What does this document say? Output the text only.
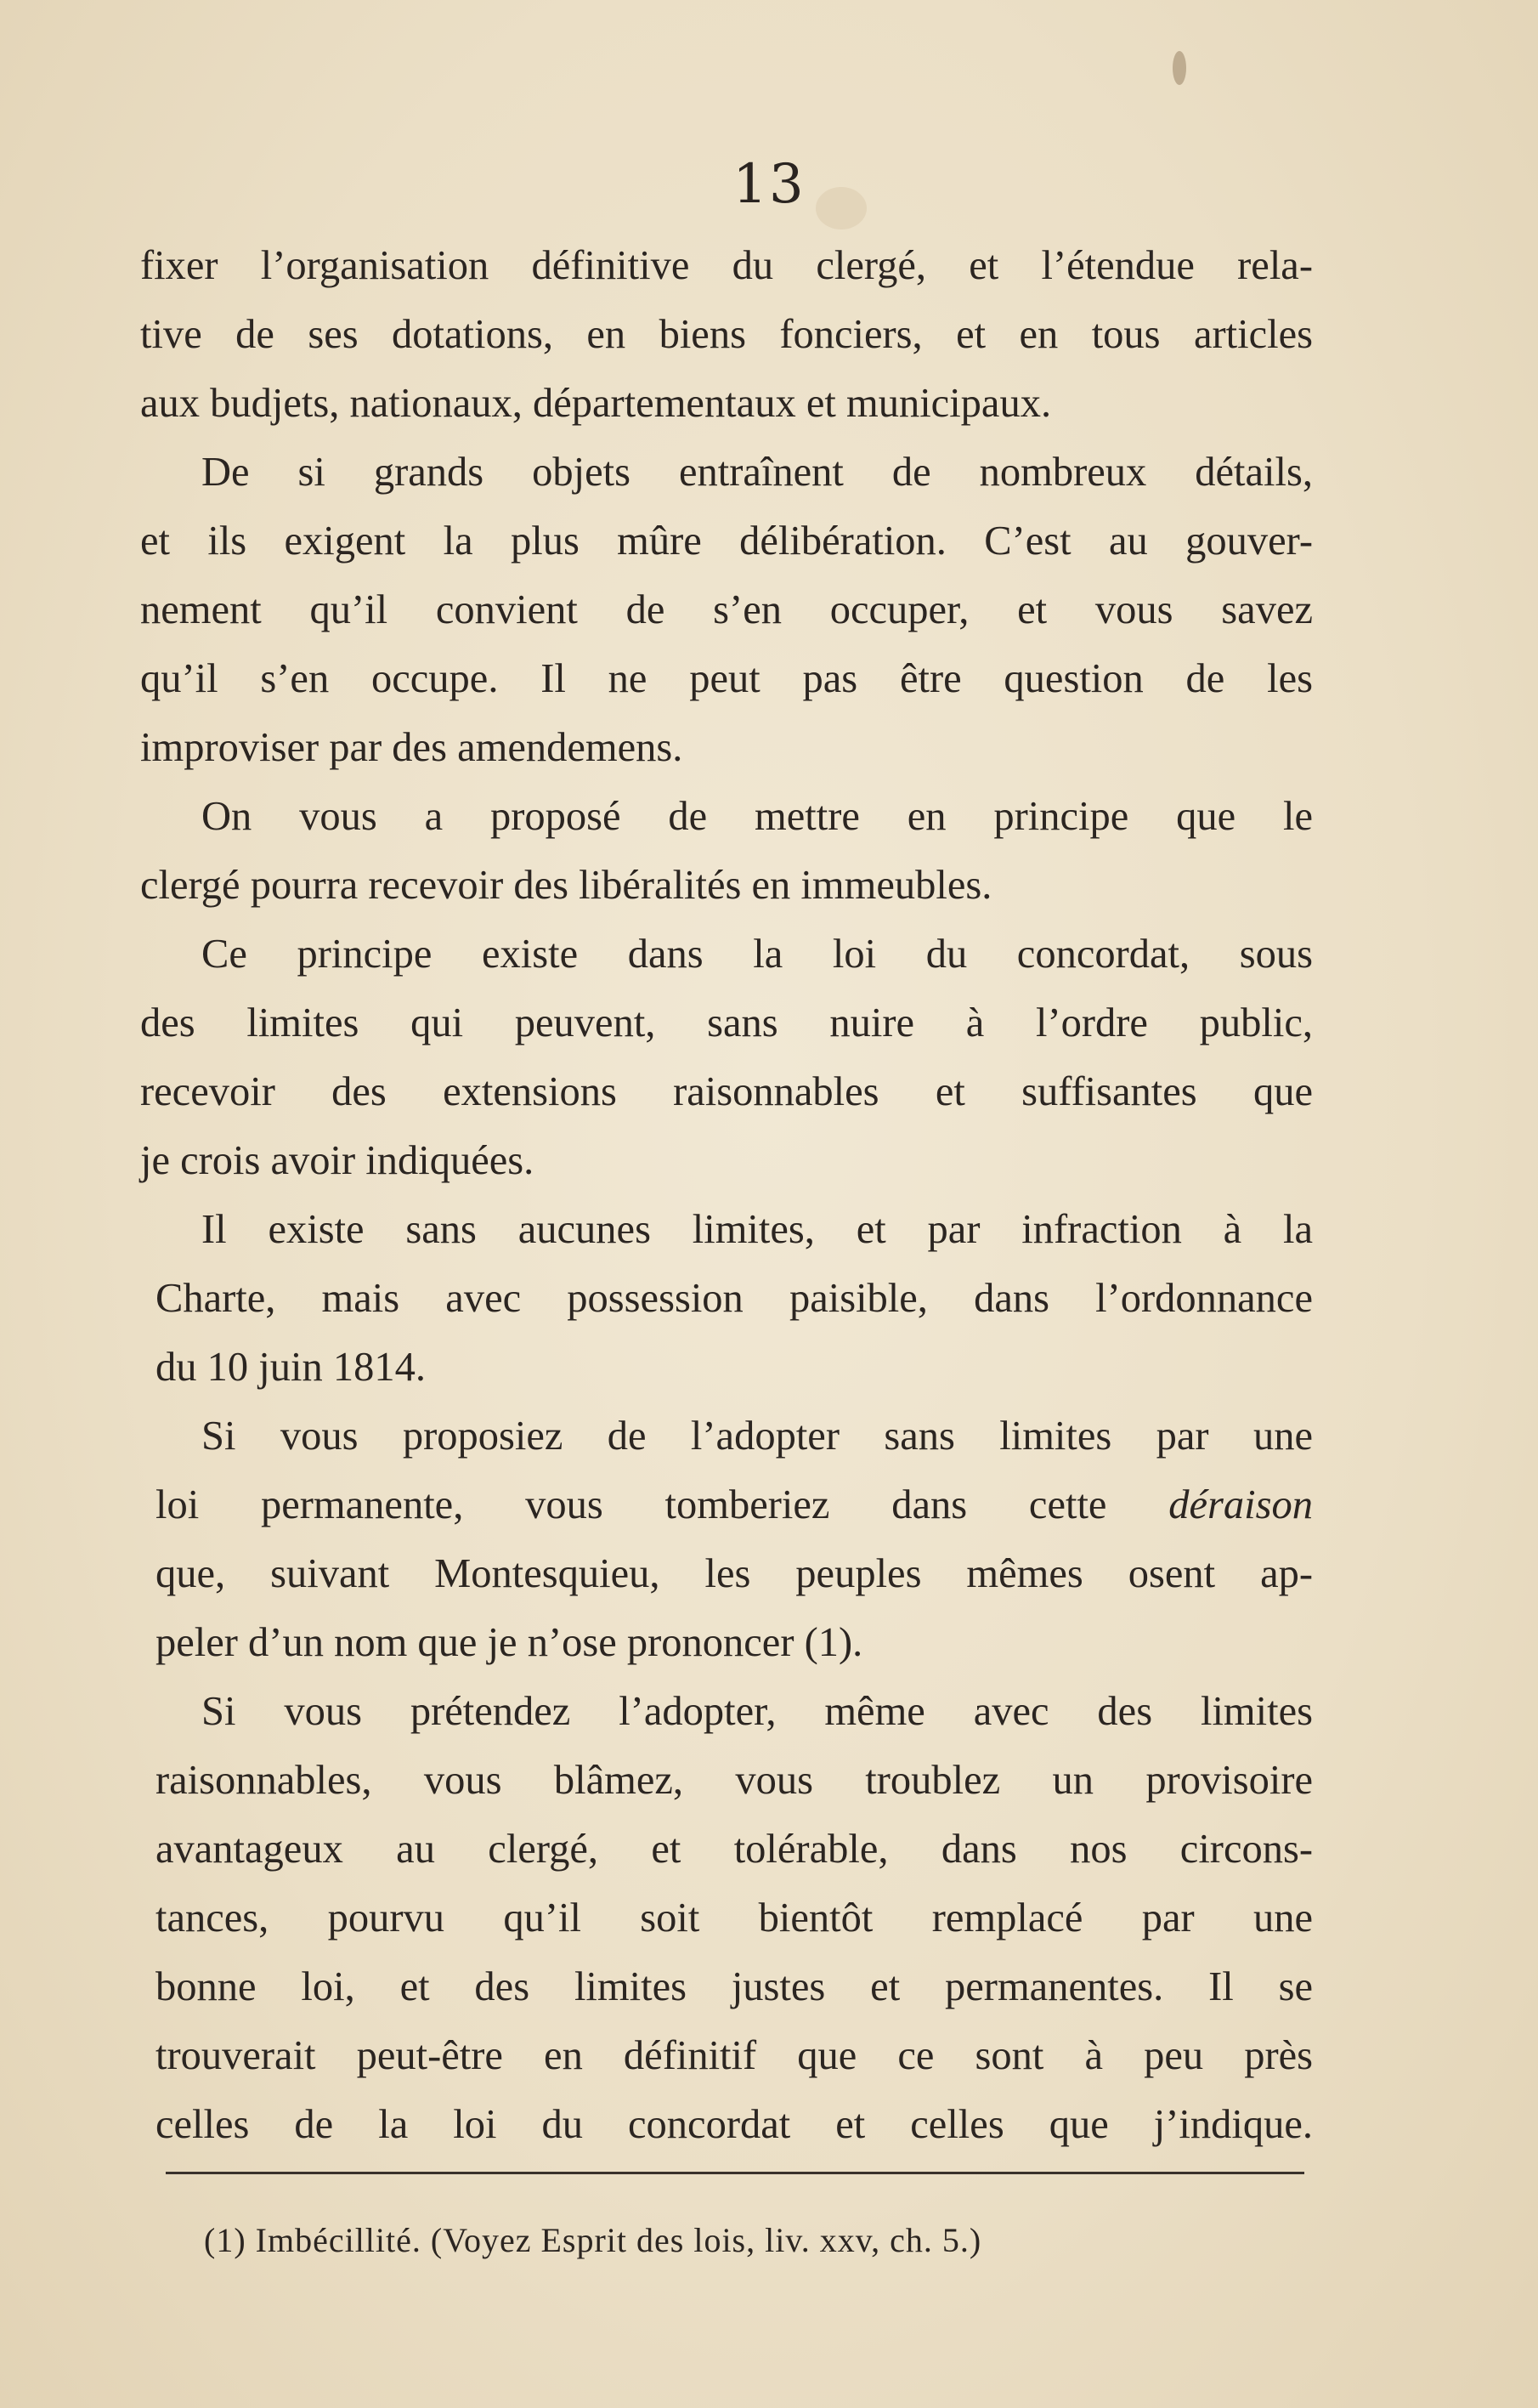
13
fixer l’organisation définitive du clergé, et l’étendue rela-
tive de ses dotations, en biens fonciers, et en tous articles
aux budjets, nationaux, départementaux et municipaux.
De si grands objets entraînent de nombreux détails,
et ils exigent la plus mûre délibération. C’est au gouver-
nement qu’il convient de s’en occuper, et vous savez
qu’il s’en occupe. Il ne peut pas être question de les
improviser par des amendemens.
On vous a proposé de mettre en principe que le
clergé pourra recevoir des libéralités en immeubles.
Ce principe existe dans la loi du concordat, sous
des limites qui peuvent, sans nuire à l’ordre public,
recevoir des extensions raisonnables et suffisantes que
je crois avoir indiquées.
Il existe sans aucunes limites, et par infraction à la
Charte, mais avec possession paisible, dans l’ordonnance
du 10 juin 1814.
Si vous proposiez de l’adopter sans limites par une
loi permanente, vous tomberiez dans cette déraison
que, suivant Montesquieu, les peuples mêmes osent ap-
peler d’un nom que je n’ose prononcer (1).
Si vous prétendez l’adopter, même avec des limites
raisonnables, vous blâmez, vous troublez un provisoire
avantageux au clergé, et tolérable, dans nos circons-
tances, pourvu qu’il soit bientôt remplacé par une
bonne loi, et des limites justes et permanentes. Il se
trouverait peut-être en définitif que ce sont à peu près
celles de la loi du concordat et celles que j’indique.
(1) Imbécillité. (Voyez Esprit des lois, liv. xxv, ch. 5.)
